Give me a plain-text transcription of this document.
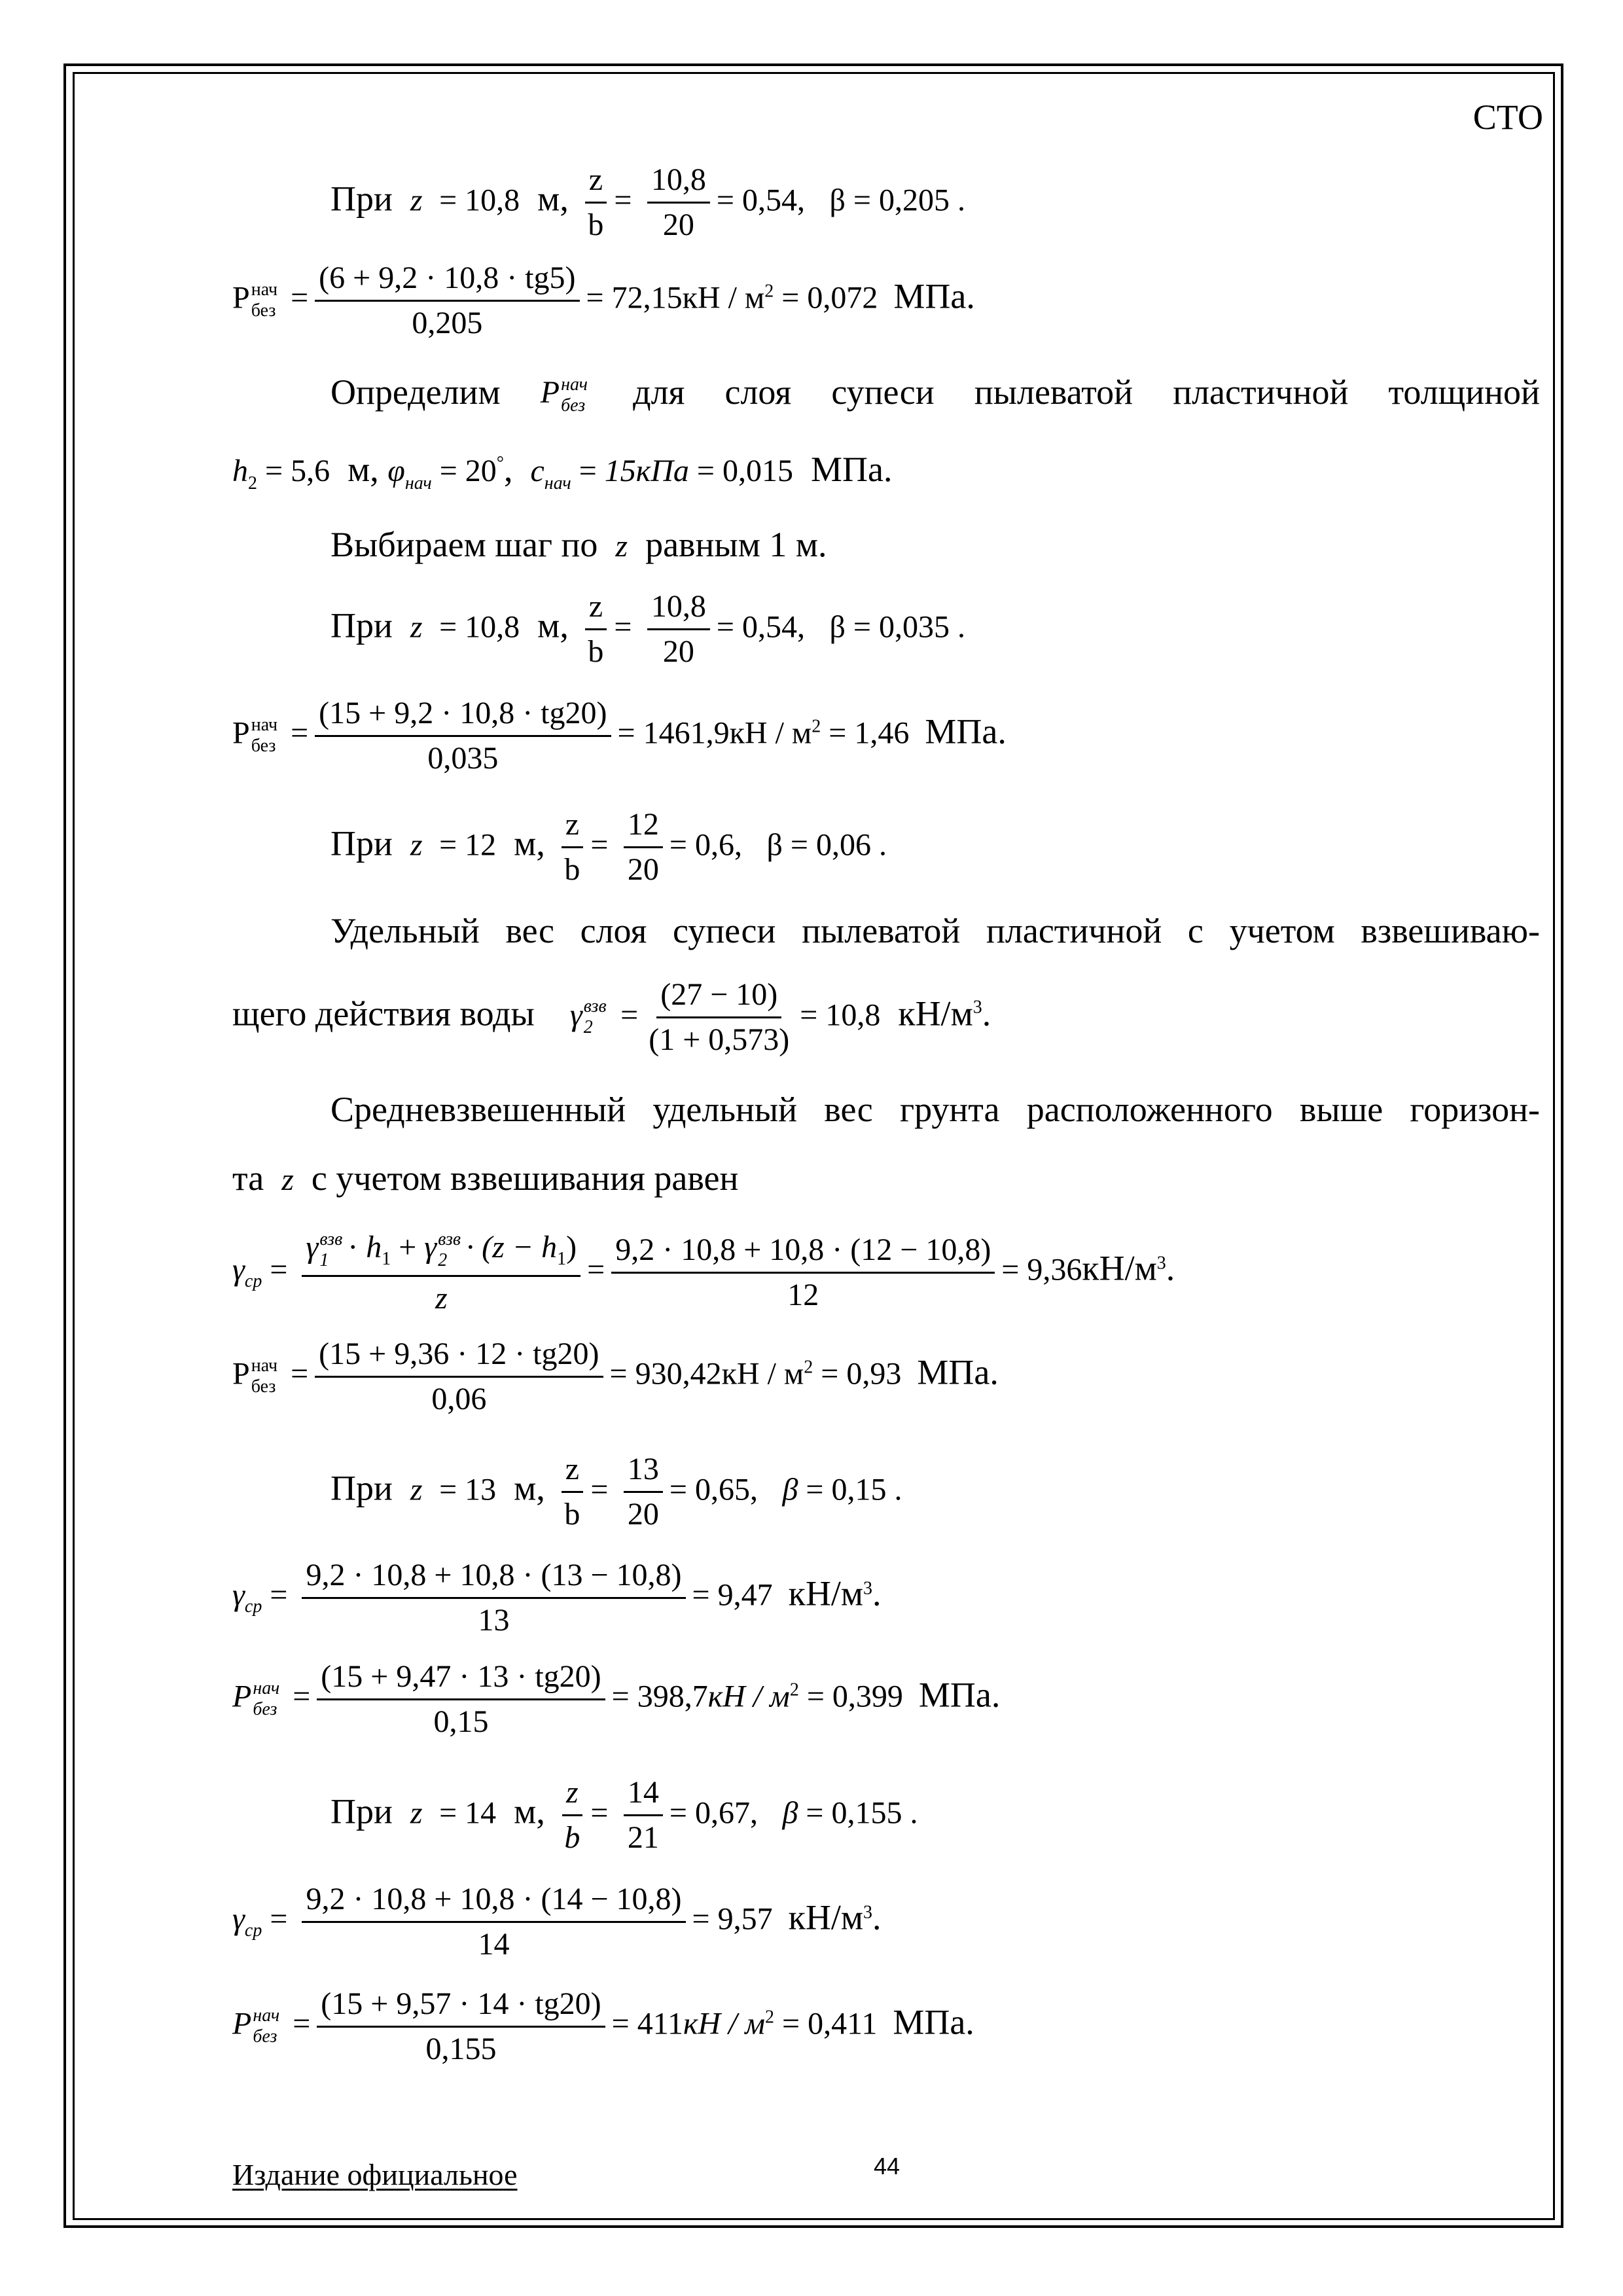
СТО
При z  = 10,8 м, $\frac{z}{b} = \frac{10,8}{20} = 0,54$, β = 0,205 .
P нач
без = $\frac{(6 + 9,2 \cdot 10,8 \cdot tg5)}{0,205} = 72,15кН / м^2 = 0,072$ МПа.
Определим P нач
без для слоя супеси пылеватой пластичной толщиной
$h_2 = 5,6$ м, $\varphi_{нач} = 20^\circ$,  $c_{нач} = 15кПа = 0,015$ МПа.
Выбираем шаг по z равным 1 м.
При z  = 10,8 м, $\frac{z}{b} = \frac{10,8}{20} = 0,54$, β = 0,035 .
P нач
без = $\frac{(15 + 9,2 \cdot 10,8 \cdot tg20)}{0,035} = 1461,9кН / м^2 = 1,46$ МПа.
При z  = 12 м, $\frac{z}{b} = \frac{12}{20} = 0,6$, β = 0,06 .
Удельный вес слоя супеси пылеватой пластичной с учетом взвешиваю-
щего действия воды γ взв
$2 = \frac{(27 - 10)}{(1 + 0,573)} = 10,8$ $кН/м^3$.
Средневзвешенный удельный вес грунта расположенного выше горизон-
та z с учетом взвешивания равен
$\gamma_{ср} = \gamma$ взв
$1 \cdot h_1 + \gamma$ взв
$2 \cdot (z - h_1)$
$z = \frac{9,2 \cdot 10,8 + 10,8 \cdot (12 - 10,8)}{12} = 9,36кН/м^3$.
P нач
без = $\frac{(15 + 9,36 \cdot 12 \cdot tg20)}{0,06} = 930,42кН / м^2 = 0,93$ МПа.
При z  = 13 м, $\frac{z}{b} = \frac{13}{20} = 0,65$, β = 0,15 .
$\gamma_{ср} = \frac{9,2 \cdot 10,8 + 10,8 \cdot (13 - 10,8)}{13} = 9,47$ $кН/м^3$.
P нач
без = $\frac{(15 + 9,47 \cdot 13 \cdot tg20)}{0,15} = 398,7кН / м^2 = 0,399$ МПа.
При z  = 14 м, $\frac{z}{b} = \frac{14}{21} = 0,67$, β = 0,155 .
$\gamma_{ср} = \frac{9,2 \cdot 10,8 + 10,8 \cdot (14 - 10,8)}{14} = 9,57$ $кН/м^3$.
P нач
без = $\frac{(15 + 9,57 \cdot 14 \cdot tg20)}{0,155} = 411кН / м^2 = 0,411$ МПа.
Издание официальное	44
